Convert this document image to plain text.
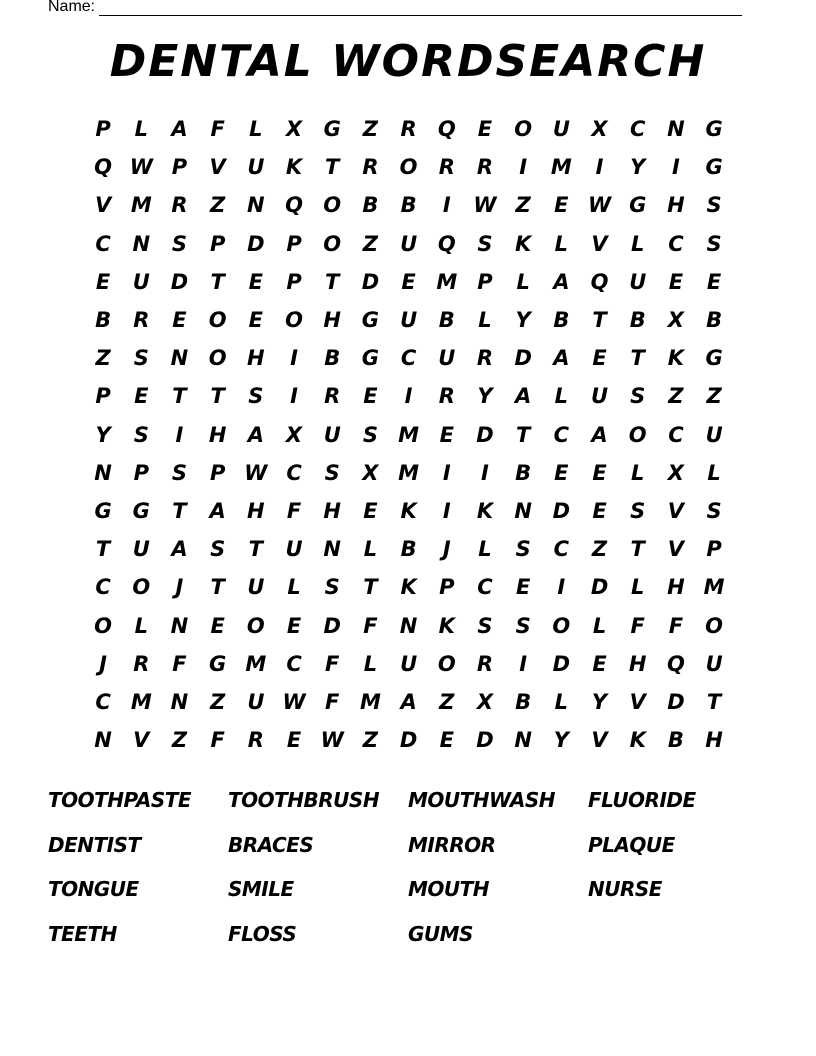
Name:
DENTAL WORDSEARCH
P	L	A	F	L	X	G	Z	R	Q	E	O U	X	C	N G
Q W P	V	U	K	T	R	O	R	R	I	M	I	Y	I	G
V M R	Z	N Q O	B	B	I	W Z	E W G H	S
C	N	S	P	D	P	O	Z	U Q	S	K	L	V	L	C	S
E	U D	T	E	P	T	D	E M P	L	A	Q U	E	E
B	R	E	O	E	O H G	U	B	L	Y	B	T	B	X	B
Z	S	N O H	I	B	G	C	U	R	D	A	E	T	K	G
P	E	T	T	S	I	R	E	I	R	Y	A	L	U	S	Z	Z
Y	S	I	H	A	X	U	S M E	D	T	C	A	O	C	U
N	P	S	P W C	S	X M	I	I	B	E	E	L	X	L
G G	T	A	H	F	H	E	K	I	K	N D	E	S	V	S
T	U	A	S	T	U N	L	B	J	L	S	C	Z	T	V	P
C	O	J	T	U	L	S	T	K	P	C	E	I	D	L	H M
O	L	N	E	O	E	D	F	N	K	S	S	O	L	F	F	O
J	R	F	G M C	F	L	U O	R	I	D	E	H Q U
C M N	Z	U W F M A	Z	X	B	L	Y	V	D	T
N	V	Z	F	R	E W Z	D	E	D N	Y	V	K	B	H
TOOTHPASTE	TOOTHBRUSH	MOUTHWASH	FLUORIDE
DENTIST	BRACES	MIRROR	PLAQUE
TONGUE	SMILE	MOUTH	NURSE
TEETH	FLOSS	GUMS
